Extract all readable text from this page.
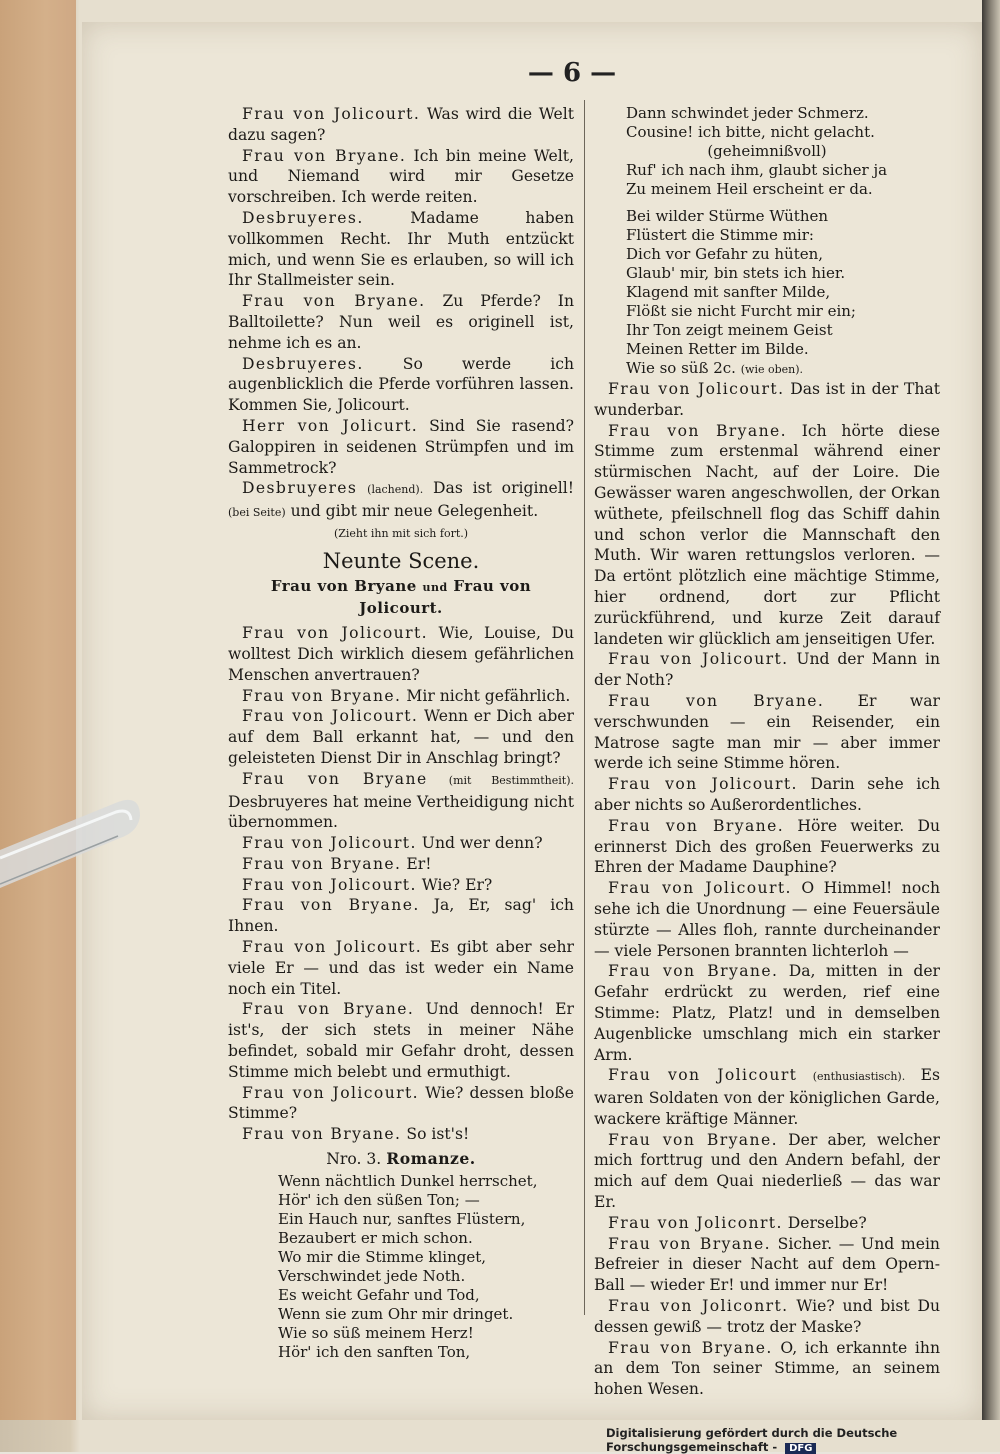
— 6 —

Frau von Jolicourt. Was wird die Welt dazu sagen?

Frau von Bryane. Ich bin meine Welt, und Niemand wird mir Gesetze vorschreiben. Ich werde reiten.

Desbruyeres.	Madame haben vollkommen Recht. Ihr Muth entzückt mich, und wenn Sie es erlauben, so will ich Ihr Stallmeister sein.

Frau von Bryane. Zu Pferde? In Balltoilette? Nun weil es originell ist, nehme ich es an.

Desbruyeres.	So werde ich augenblicklich die Pferde vorführen lassen. Kommen Sie, Jolicourt.

Herr von Jolicurt. Sind Sie rasend? Galoppiren in seidenen Strümpfen und im Sammetrock?

Desbruyeres (lachend). Das ist originell! (bei Seite) und gibt mir neue Gelegenheit.

(Zieht ihn mit sich fort.)

Neunte Scene.
Frau von Bryane und Frau von Jolicourt.

Frau von Jolicourt. Wie, Louise, Du wolltest Dich wirklich diesem gefährlichen Menschen anvertrauen?

Frau von Bryane. Mir nicht gefährlich.

Frau von Jolicourt. Wenn er Dich aber auf dem Ball erkannt hat, — und den geleisteten Dienst Dir in Anschlag bringt?

Frau von Bryane (mit Bestimmtheit). Desbruyeres hat meine Vertheidigung nicht übernommen.

Frau von Jolicourt. Und wer denn?

Frau von Bryane. Er!

Frau von Jolicourt. Wie? Er?

Frau von Bryane. Ja, Er, sag' ich Ihnen.

Frau von Jolicourt. Es gibt aber sehr viele Er — und das ist weder ein Name noch ein Titel.

Frau von Bryane. Und dennoch! Er ist's, der sich stets in meiner Nähe befindet, sobald mir Gefahr droht, dessen Stimme mich belebt und ermuthigt.

Frau von Jolicourt. Wie? dessen bloße Stimme?

Frau von Bryane. So ist's!

Nro. 3. Romanze.
Wenn nächtlich Dunkel herrschet,
Hör' ich den süßen Ton; —
Ein Hauch nur, sanftes Flüstern,
Bezaubert er mich schon.
Wo mir die Stimme klinget,
Verschwindet jede Noth.
Es weicht Gefahr und Tod,
Wenn sie zum Ohr mir dringet.
Wie so süß meinem Herz!
Hör' ich den sanften Ton,
Dann schwindet jeder Schmerz.
Cousine! ich bitte, nicht gelacht.
(geheimnißvoll)
Ruf' ich nach ihm, glaubt sicher ja
Zu meinem Heil erscheint er da.
Bei wilder Stürme Wüthen
Flüstert die Stimme mir:
Dich vor Gefahr zu hüten,
Glaub' mir, bin stets ich hier.
Klagend mit sanfter Milde,
Flößt sie nicht Furcht mir ein;
Ihr Ton zeigt meinem Geist
Meinen Retter im Bilde.
Wie so süß 2c. (wie oben).

Frau von Jolicourt. Das ist in der That wunderbar.

Frau von Bryane. Ich hörte diese Stimme zum erstenmal während einer stürmischen Nacht, auf der Loire. Die Gewässer waren angeschwollen, der Orkan wüthete, pfeilschnell flog das Schiff dahin und schon verlor die Mannschaft den Muth. Wir waren rettungslos verloren. — Da ertönt plötzlich eine mächtige Stimme, hier ordnend, dort zur Pflicht zurückführend, und kurze Zeit darauf landeten wir glücklich am jenseitigen Ufer.

Frau von Jolicourt. Und der Mann in der Noth?

Frau von Bryane. Er war verschwunden — ein Reisender, ein Matrose sagte man mir — aber immer werde ich seine Stimme hören.

Frau von Jolicourt. Darin sehe ich aber nichts so Außerordentliches.

Frau von Bryane. Höre weiter. Du erinnerst Dich des großen Feuerwerks zu Ehren der Madame Dauphine?

Frau von Jolicourt. O Himmel! noch sehe ich die Unordnung — eine Feuersäule stürzte — Alles floh, rannte durcheinander — viele Personen brannten lichterloh —

Frau von Bryane. Da, mitten in der Gefahr erdrückt zu werden, rief eine Stimme: Platz, Platz! und in demselben Augenblicke umschlang mich ein starker Arm.

Frau von Jolicourt (enthusiastisch). Es waren Soldaten von der königlichen Garde, wackere kräftige Männer.

Frau von Bryane. Der aber, welcher mich forttrug und den Andern befahl, der mich auf dem Quai niederließ — das war Er.

Frau von Joliconrt. Derselbe?

Frau von Bryane. Sicher. — Und mein Befreier in dieser Nacht auf dem Opern-Ball — wieder Er! und immer nur Er!

Frau von Joliconrt. Wie? und bist Du dessen gewiß — trotz der Maske?

Frau von Bryane. O, ich erkannte ihn an dem Ton seiner Stimme, an seinem hohen Wesen.

Digitalisierung gefördert durch die Deutsche Forschungsgemeinschaft - DFG
